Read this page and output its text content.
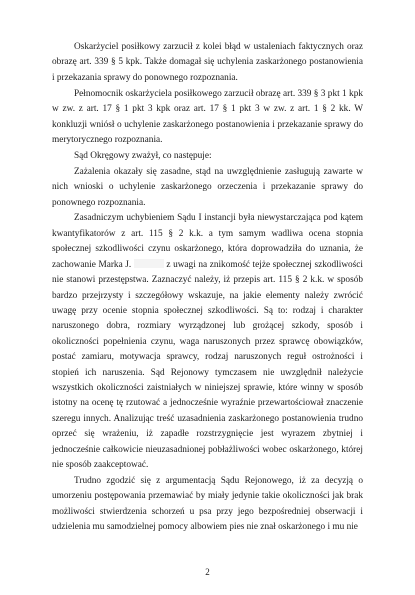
Oskarżyciel posiłkowy zarzucił z kolei błąd w ustaleniach faktycznych oraz obrazę art. 339 § 5 kpk. Także domagał się uchylenia zaskarżonego postanowienia i przekazania sprawy do ponownego rozpoznania.

Pełnomocnik oskarżyciela posiłkowego zarzucił obrazę art. 339 § 3 pkt 1 kpk w zw. z art. 17 § 1 pkt 3 kpk oraz art. 17 § 1 pkt 3 w zw. z art. 1 § 2 kk. W konkluzji wniósł o uchylenie zaskarżonego postanowienia i przekazanie sprawy do merytorycznego rozpoznania.

Sąd Okręgowy zważył, co następuje:

Zażalenia okazały się zasadne, stąd na uwzględnienie zasługują zawarte w nich wnioski o uchylenie zaskarżonego orzeczenia i przekazanie sprawy do ponownego rozpoznania.

Zasadniczym uchybieniem Sądu I instancji była niewystarczająca pod kątem kwantyfikatorów z art. 115 § 2 k.k. a tym samym wadliwa ocena stopnia społecznej szkodliwości czynu oskarżonego, która doprowadziła do uznania, że zachowanie Marka J.	z uwagi na znikomość tejże społecznej szkodliwości nie stanowi przestępstwa. Zaznaczyć należy, iż przepis art. 115 § 2 k.k. w sposób bardzo przejrzysty i szczegółowy wskazuje, na jakie elementy należy zwrócić uwagę przy ocenie stopnia społecznej szkodliwości. Są to: rodzaj i charakter naruszonego dobra, rozmiary wyrządzonej lub grożącej szkody, sposób i okoliczności popełnienia czynu, waga naruszonych przez sprawcę obowiązków, postać zamiaru, motywacja sprawcy, rodzaj naruszonych reguł ostrożności i stopień ich naruszenia. Sąd Rejonowy tymczasem nie uwzględnił należycie wszystkich okoliczności zaistniałych w niniejszej sprawie, które winny w sposób istotny na ocenę tę rzutować a jednocześnie wyraźnie przewartościował znaczenie szeregu innych. Analizując treść uzasadnienia zaskarżonego postanowienia trudno oprzeć się wrażeniu, iż zapadłe rozstrzygnięcie jest wyrazem zbytniej i jednocześnie całkowicie nieuzasadnionej pobłażliwości wobec oskarżonego, której nie sposób zaakceptować.

Trudno zgodzić się z argumentacją Sądu Rejonowego, iż za decyzją o umorzeniu postępowania przemawiać by miały jedynie takie okoliczności jak brak możliwości stwierdzenia schorzeń u psa przy jego bezpośredniej obserwacji i udzielenia mu samodzielnej pomocy albowiem pies nie znał oskarżonego i mu nie

2
